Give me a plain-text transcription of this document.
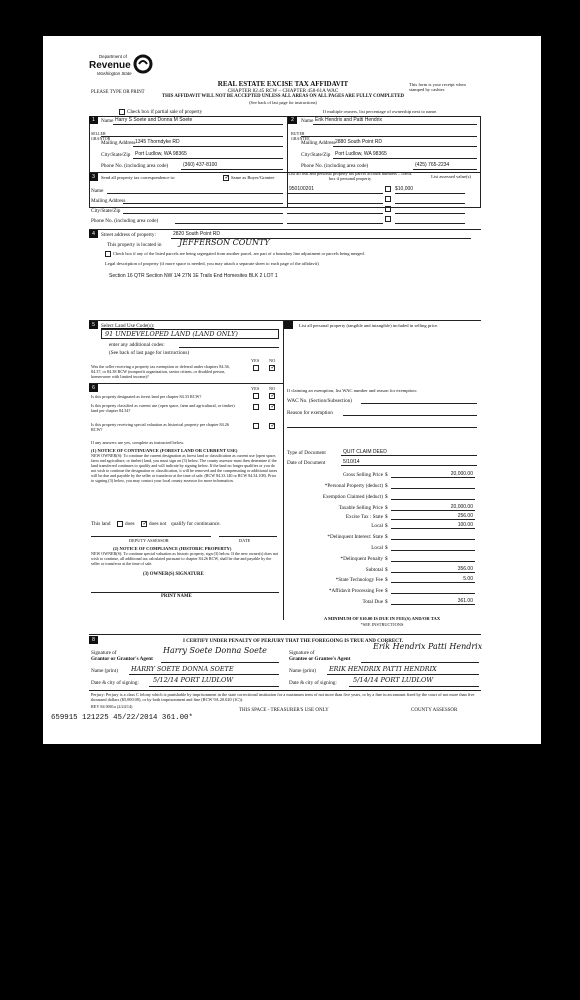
Department of
Revenue
Washington State
REAL ESTATE EXCISE TAX AFFIDAVIT
CHAPTER 82.45 RCW – CHAPTER 458-61A WAC
THIS AFFIDAVIT WILL NOT BE ACCEPTED UNLESS ALL AREAS ON ALL PAGES ARE FULLY COMPLETED
(See back of last page for instructions)
PLEASE TYPE OR PRINT
This form is your receipt when stamped by cashier.
Check box if partial sale of property	If multiple owners, list percentage of ownership next to name.
1
SELLER GRANTOR
Name Harry S Soete and Donna M Soete
Mailing Address 1345 Thorndyke RD
City/State/Zip Port Ludlow, WA 98365
Phone No. (including area code)	(360) 437-8100
2
BUYER GRANTEE
Name Erik Hendrix and Patti Hendrix
Mailing Address 2880 South Point RD
City/State/Zip Port Ludlow, WA 98365
Phone No. (including area code)	(425) 765-2234
3	Send all property tax correspondence to: ✓	Same as Buyer/Grantee
Name
Mailing Address
City/State/Zip
Phone No. (including area code)
List all real and personal property tax parcel account numbers – check box if personal property	List assessed value(s)
950100201	$10,000
4	Street address of property:	2820 South Point RD
This property is located in JEFFERSON COUNTY
Check box if any of the listed parcels are being segregated from another parcel, are part of a boundary line adjustment or parcels being merged.
Legal description of property (if more space is needed, you may attach a separate sheet to each page of the affidavit)
Section 16 QTR Section NW 1/4 27N 1E Trails End Homesites BLK 2 LOT 1
5	Select Land Use Code(s):
91 UNDEVELOPED LAND (LAND ONLY)
enter any additional codes:
(See back of last page for instructions)
YES NO
Was the seller receiving a property tax exemption or deferral under chapters 84.36, 84.37, or 84.38 RCW (nonprofit organization, senior citizen, or disabled person, homeowner with limited income)?
✓
6	YES NO
Is this property designated as forest land per chapter 84.33 RCW?
✓
Is this property classified as current use (open space, farm and agricultural, or timber) land per chapter 84.34?
✓
Is this property receiving special valuation as historical property per chapter 84.26 RCW?
✓
If any answers are yes, complete as instructed below.
(1) NOTICE OF CONTINUANCE (FOREST LAND OR CURRENT USE)
NEW OWNER(S): To continue the current designation as forest land or classification as current use (open space, farm and agriculture, or timber) land, you must sign on (3) below. The county assessor must then determine if the land transferred continues to qualify and will indicate by signing below. If the land no longer qualifies or you do not wish to continue the designation or classification, it will be removed and the compensating or additional taxes will be due and payable by the seller or transferor at the time of sale. (RCW 84.33.140 or RCW 84.34.108). Prior to signing (3) below, you may contact your local county assessor for more information.
This land	does ✓	does not qualify for continuance.
DEPUTY ASSESSOR	DATE
(2) NOTICE OF COMPLIANCE (HISTORIC PROPERTY)
NEW OWNER(S): To continue special valuation as historic property, sign (3) below. If the new owner(s) does not wish to continue, all additional tax calculated pursuant to chapter 84.26 RCW, shall be due and payable by the seller or transferor at the time of sale.
(3) OWNER(S) SIGNATURE
PRINT NAME
List all personal property (tangible and intangible) included in selling price.
If claiming an exemption, list WAC number and reason for exemption:
WAC No. (Section/Subsection)
Reason for exemption
Type of Document	QUIT CLAIM DEED
Date of Document	5/10/14
Gross Selling Price $	20,000.00
*Personal Property (deduct) $
Exemption Claimed (deduct) $
Taxable Selling Price $	20,000.00
Excise Tax : State $	256.00
Local $	100.00
*Delinquent Interest: State $
Local $
*Delinquent Penalty $
Subtotal $	356.00
*State Technology Fee $	5.00
*Affidavit Processing Fee $
Total Due $	361.00
A MINIMUM OF $10.00 IS DUE IN FEE(S) AND/OR TAX
*SEE INSTRUCTIONS
8	I CERTIFY UNDER PENALTY OF PERJURY THAT THE FOREGOING IS TRUE AND CORRECT.
Signature of
Grantor or Grantor's Agent
Harry Soete Donna Soete	Signature of
Grantee or Grantee's Agent
Erik Hendrix Patti Hendrix
Name (print) HARRY SOETE DONNA SOETE	Name (print) ERIK HENDRIX PATTI HENDRIX
Date & city of signing: 5/12/14 PORT LUDLOW	Date & city of signing: 5/14/14 PORT LUDLOW
Perjury: Perjury is a class C felony which is punishable by imprisonment in the state correctional institution for a maximum term of not more than five years, or by a fine in an amount fixed by the court of not more than five thousand dollars ($5,000.00), or by both imprisonment and fine (RCW 9A.20.020 (1C)).
REV 84 0001a (2/24/14)
THIS SPACE - TREASURER'S USE ONLY	COUNTY ASSESSOR
659915 121225 45/22/2014 361.00*
